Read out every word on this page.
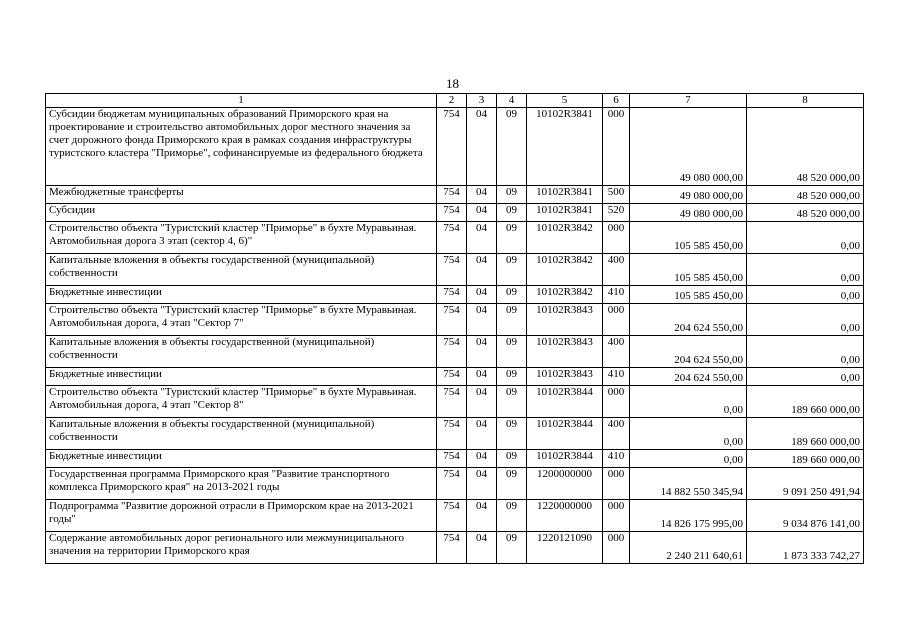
18
1	2	3	4	5	6	7	8
Субсидии бюджетам муниципальных образований Приморского края на проектирование и строительство автомобильных дорог местного значения за счет дорожного фонда Приморского края в рамках создания инфраструктуры туристского кластера "Приморье", софинансируемые из федерального бюджета	754	04	09	10102R3841	000	49 080 000,00	48 520 000,00
Межбюджетные трансферты	754	04	09	10102R3841	500	49 080 000,00	48 520 000,00
Субсидии	754	04	09	10102R3841	520	49 080 000,00	48 520 000,00
Строительство объекта "Туристский кластер "Приморье" в бухте Муравьиная. Автомобильная дорога 3 этап (сектор 4, 6)"	754	04	09	10102R3842	000	105 585 450,00	0,00
Капитальные вложения в объекты государственной (муниципальной) собственности	754	04	09	10102R3842	400	105 585 450,00	0,00
Бюджетные инвестиции	754	04	09	10102R3842	410	105 585 450,00	0,00
Строительство объекта "Туристский кластер "Приморье" в бухте Муравьиная. Автомобильная дорога, 4 этап "Сектор 7"	754	04	09	10102R3843	000	204 624 550,00	0,00
Капитальные вложения в объекты государственной (муниципальной) собственности	754	04	09	10102R3843	400	204 624 550,00	0,00
Бюджетные инвестиции	754	04	09	10102R3843	410	204 624 550,00	0,00
Строительство объекта "Туристский кластер "Приморье" в бухте Муравьиная. Автомобильная дорога, 4 этап "Сектор 8"	754	04	09	10102R3844	000	0,00	189 660 000,00
Капитальные вложения в объекты государственной (муниципальной) собственности	754	04	09	10102R3844	400	0,00	189 660 000,00
Бюджетные инвестиции	754	04	09	10102R3844	410	0,00	189 660 000,00
Государственная программа Приморского края "Развитие транспортного комплекса Приморского края" на 2013-2021 годы	754	04	09	1200000000	000	14 882 550 345,94	9 091 250 491,94
Подпрограмма "Развитие дорожной отрасли в Приморском крае на 2013-2021 годы"	754	04	09	1220000000	000	14 826 175 995,00	9 034 876 141,00
Содержание автомобильных дорог регионального или межмуниципального значения на территории Приморского края	754	04	09	1220121090	000	2 240 211 640,61	1 873 333 742,27
